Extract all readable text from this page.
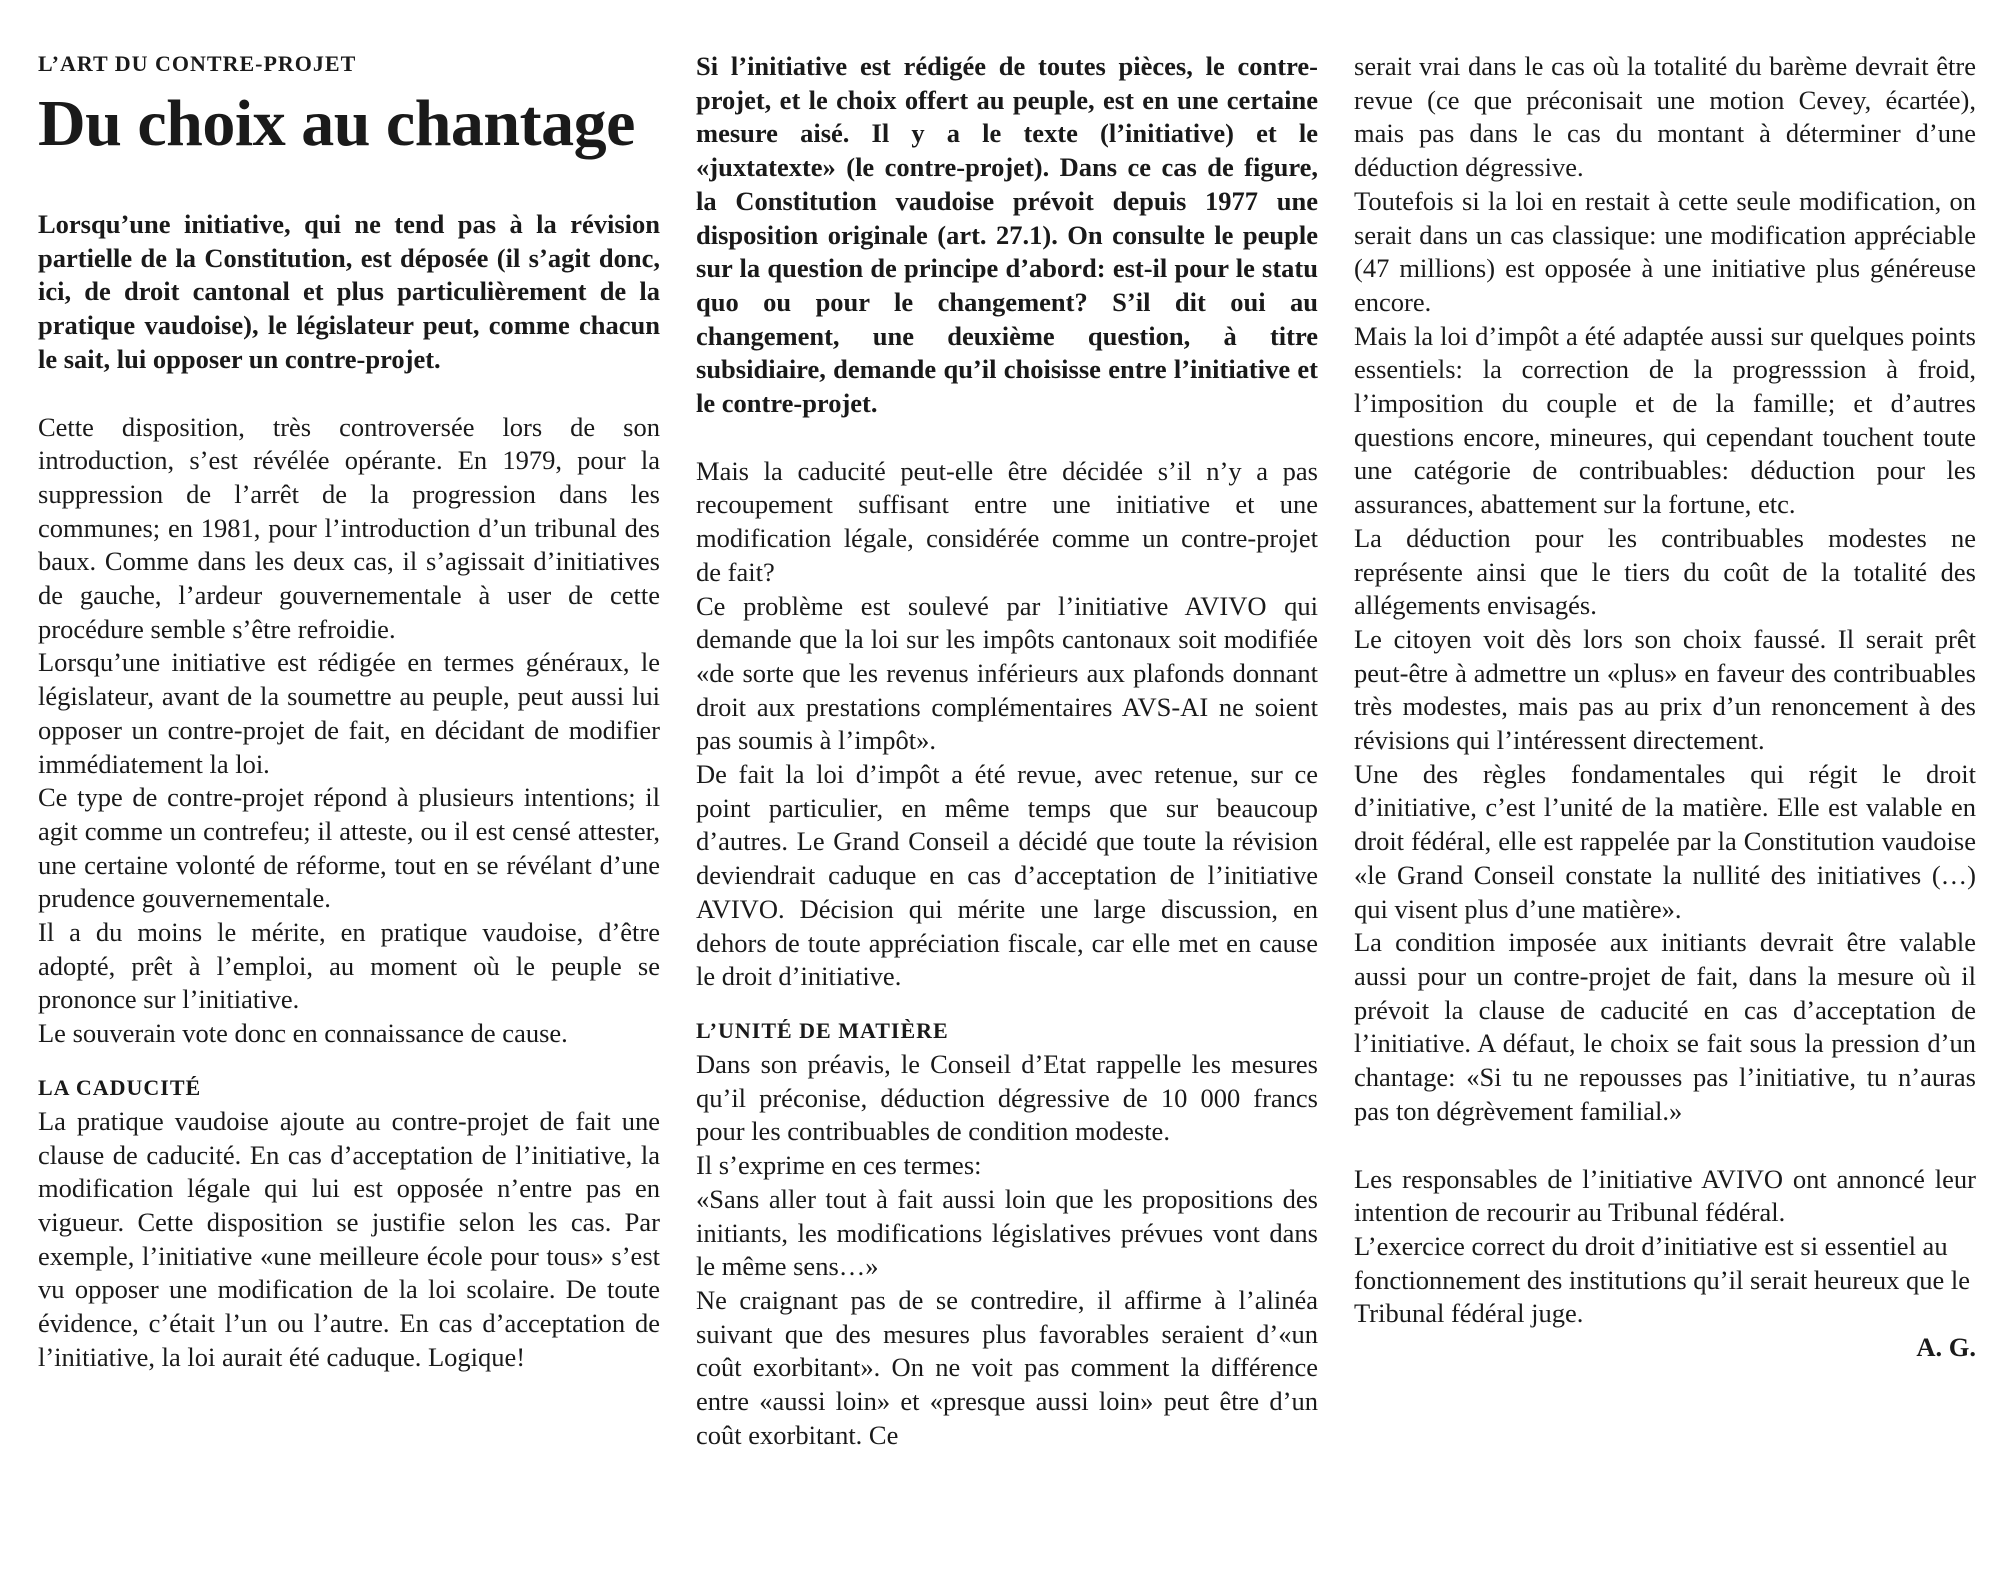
L’ART DU CONTRE-PROJET
Du choix au chantage

Lorsqu’une initiative, qui ne tend pas à la révision partielle de la Constitution, est déposée (il s’agit donc, ici, de droit cantonal et plus particulièrement de la pratique vaudoise), le législateur peut, comme chacun le sait, lui opposer un contre-projet.

Cette disposition, très controversée lors de son introduction, s’est révélée opérante. En 1979, pour la suppression de l’arrêt de la progression dans les communes; en 1981, pour l’introduction d’un tribunal des baux. Comme dans les deux cas, il s’agissait d’initiatives de gauche, l’ardeur gouvernementale à user de cette procédure semble s’être refroidie.

Lorsqu’une initiative est rédigée en termes généraux, le législateur, avant de la soumettre au peuple, peut aussi lui opposer un contre-projet de fait, en décidant de modifier immédiatement la loi.

Ce type de contre-projet répond à plusieurs intentions; il agit comme un contrefeu; il atteste, ou il est censé attester, une certaine volonté de réforme, tout en se révélant d’une prudence gouvernementale.

Il a du moins le mérite, en pratique vaudoise, d’être adopté, prêt à l’emploi, au moment où le peuple se prononce sur l’initiative.

Le souverain vote donc en connaissance de cause.

LA CADUCITÉ

La pratique vaudoise ajoute au contre-projet de fait une clause de caducité. En cas d’acceptation de l’initiative, la modification légale qui lui est opposée n’entre pas en vigueur. Cette disposition se justifie selon les cas. Par exemple, l’initiative «une meilleure école pour tous» s’est vu opposer une modification de la loi scolaire. De toute évidence, c’était l’un ou l’autre. En cas d’acceptation de l’initiative, la loi aurait été caduque. Logique!

Si l’initiative est rédigée de toutes pièces, le contre-projet, et le choix offert au peuple, est en une certaine mesure aisé. Il y a le texte (l’initiative) et le «juxtatexte» (le contre-projet). Dans ce cas de figure, la Constitution vaudoise prévoit depuis 1977 une disposition originale (art. 27.1). On consulte le peuple sur la question de principe d’abord: est-il pour le statu quo ou pour le changement? S’il dit oui au changement, une deuxième question, à titre subsidiaire, demande qu’il choisisse entre l’initiative et le contre-projet.

Mais la caducité peut-elle être décidée s’il n’y a pas recoupement suffisant entre une initiative et une modification légale, considérée comme un contre-projet de fait?

Ce problème est soulevé par l’initiative AVIVO qui demande que la loi sur les impôts cantonaux soit modifiée «de sorte que les revenus inférieurs aux plafonds donnant droit aux prestations complémentaires AVS-AI ne soient pas soumis à l’impôt».

De fait la loi d’impôt a été revue, avec retenue, sur ce point particulier, en même temps que sur beaucoup d’autres. Le Grand Conseil a décidé que toute la révision deviendrait caduque en cas d’acceptation de l’initiative AVIVO. Décision qui mérite une large discussion, en dehors de toute appréciation fiscale, car elle met en cause le droit d’initiative.

L’UNITÉ DE MATIÈRE

Dans son préavis, le Conseil d’Etat rappelle les mesures qu’il préconise, déduction dégressive de 10 000 francs pour les contribuables de condition modeste.

Il s’exprime en ces termes:

«Sans aller tout à fait aussi loin que les propositions des initiants, les modifications législatives prévues vont dans le même sens…»

Ne craignant pas de se contredire, il affirme à l’alinéa suivant que des mesures plus favorables seraient d’«un coût exorbitant». On ne voit pas comment la différence entre «aussi loin» et «presque aussi loin» peut être d’un coût exorbitant. Ce

serait vrai dans le cas où la totalité du barème devrait être revue (ce que préconisait une motion Cevey, écartée), mais pas dans le cas du montant à déterminer d’une déduction dégressive.

Toutefois si la loi en restait à cette seule modification, on serait dans un cas classique: une modification appréciable (47 millions) est opposée à une initiative plus généreuse encore.

Mais la loi d’impôt a été adaptée aussi sur quelques points essentiels: la correction de la progresssion à froid, l’imposition du couple et de la famille; et d’autres questions encore, mineures, qui cependant touchent toute une catégorie de contribuables: déduction pour les assurances, abattement sur la fortune, etc.

La déduction pour les contribuables modestes ne représente ainsi que le tiers du coût de la totalité des allégements envisagés.

Le citoyen voit dès lors son choix faussé. Il serait prêt peut-être à admettre un «plus» en faveur des contribuables très modestes, mais pas au prix d’un renoncement à des révisions qui l’intéressent directement.

Une des règles fondamentales qui régit le droit d’initiative, c’est l’unité de la matière. Elle est valable en droit fédéral, elle est rappelée par la Constitution vaudoise «le Grand Conseil constate la nullité des initiatives (…) qui visent plus d’une matière».

La condition imposée aux initiants devrait être valable aussi pour un contre-projet de fait, dans la mesure où il prévoit la clause de caducité en cas d’acceptation de l’initiative. A défaut, le choix se fait sous la pression d’un chantage: «Si tu ne repousses pas l’initiative, tu n’auras pas ton dégrèvement familial.»

Les responsables de l’initiative AVIVO ont annoncé leur intention de recourir au Tribunal fédéral.

L’exercice correct du droit d’initiative est si essentiel au fonctionnement des institutions qu’il serait heureux que le Tribunal fédéral juge.

A. G.
